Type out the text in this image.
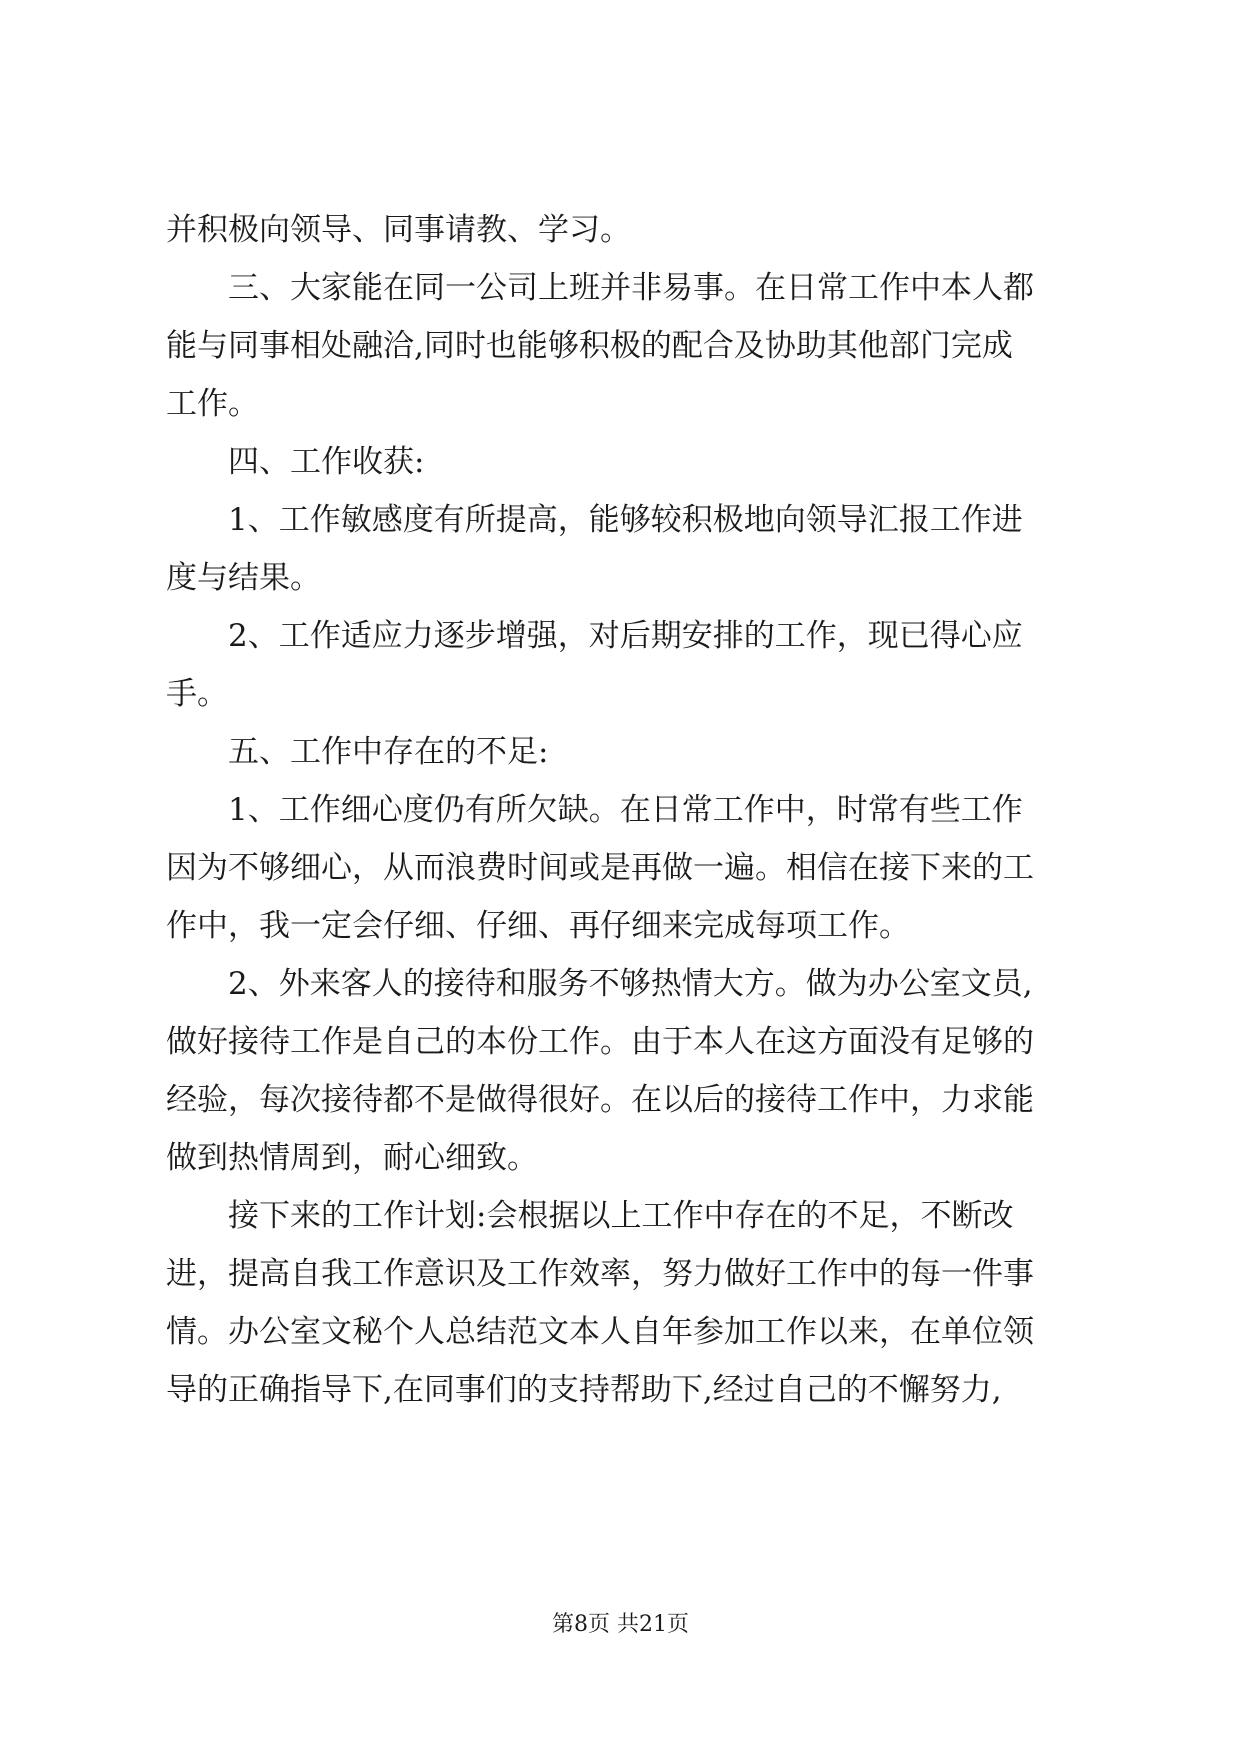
并积极向领导、同事请教、学习。
三、大家能在同一公司上班并非易事。在日常工作中本人都
能与同事相处融洽,同时也能够积极的配合及协助其他部门完成
工作。
四、工作收获:
1、工作敏感度有所提高，能够较积极地向领导汇报工作进
度与结果。
2、工作适应力逐步增强，对后期安排的工作，现已得心应
手。
五、工作中存在的不足:
1、工作细心度仍有所欠缺。在日常工作中，时常有些工作
因为不够细心，从而浪费时间或是再做一遍。相信在接下来的工
作中，我一定会仔细、仔细、再仔细来完成每项工作。
2、外来客人的接待和服务不够热情大方。做为办公室文员,
做好接待工作是自己的本份工作。由于本人在这方面没有足够的
经验，每次接待都不是做得很好。在以后的接待工作中，力求能
做到热情周到，耐心细致。
接下来的工作计划:会根据以上工作中存在的不足，不断改
进，提高自我工作意识及工作效率，努力做好工作中的每一件事
情。办公室文秘个人总结范文本人自年参加工作以来，在单位领
导的正确指导下,在同事们的支持帮助下,经过自己的不懈努力,
第8页 共21页
